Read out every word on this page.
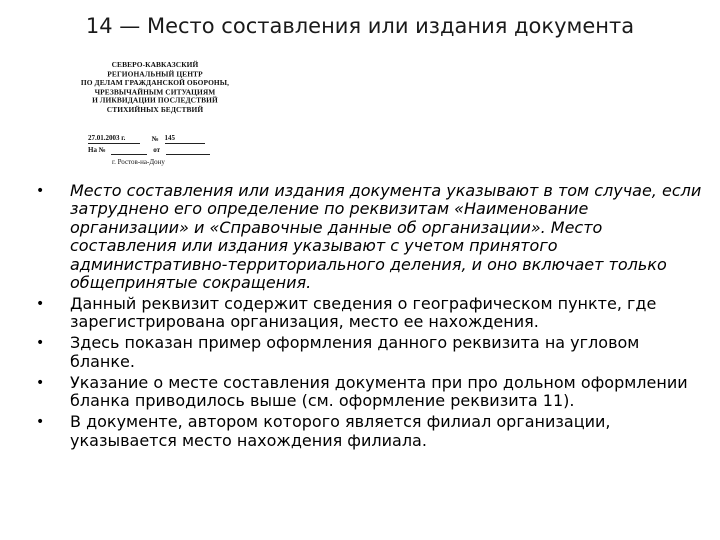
14 — Место составления или издания документа
СЕВЕРО-КАВКАЗСКИЙ
РЕГИОНАЛЬНЫЙ ЦЕНТР
ПО ДЕЛАМ ГРАЖДАНСКОЙ ОБОРОНЫ,
ЧРЕЗВЫЧАЙНЫМ СИТУАЦИЯМ
И ЛИКВИДАЦИИ ПОСЛЕДСТВИЙ
СТИХИЙНЫХ БЕДСТВИЙ
27.01.2003 г.	№ 145
На №	от
г. Ростов-на-Дону
• Место составления или издания документа указывают в том случае, если затруднено его определение по реквизитам «Наименование организации» и «Справочные данные об организации». Место составления или издания указывают с учетом принятого административно-территориального деления, и оно включает только общепринятые сокращения.
• Данный реквизит содержит сведения о географическом пункте, где зарегистрирована организация, место ее нахождения.
• Здесь показан пример оформления данного реквизита на угловом бланке.
• Указание о месте составления документа при про дольном оформлении бланка приводилось выше (см. оформление реквизита 11).
• В документе, автором которого является филиал организации, указывается место нахождения филиала.
